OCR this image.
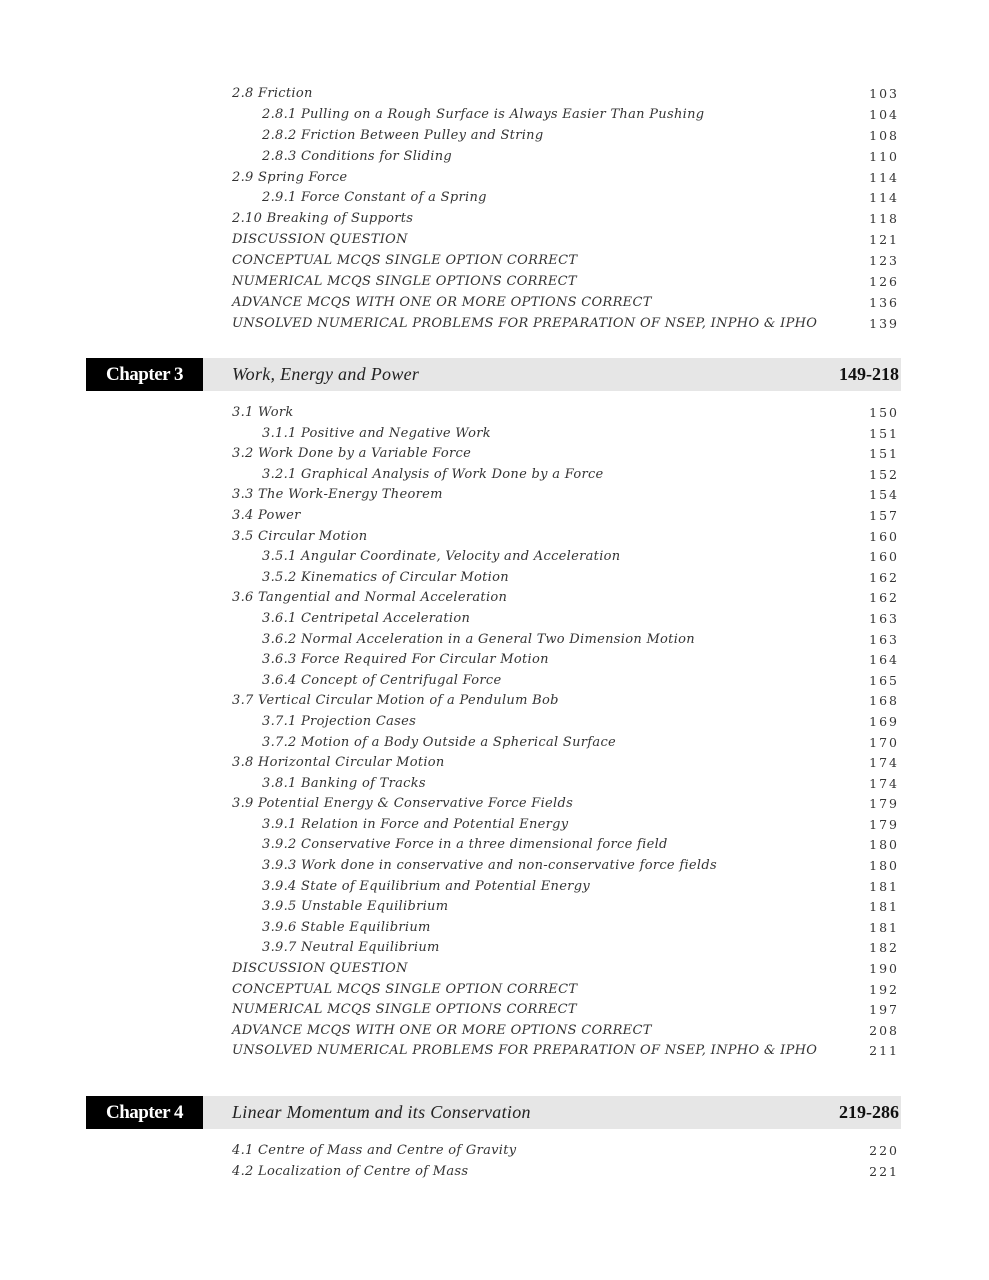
2.8 Friction	103
2.8.1 Pulling on a Rough Surface is Always Easier Than Pushing	104
2.8.2 Friction Between Pulley and String	108
2.8.3 Conditions for Sliding	110
2.9 Spring Force	114
2.9.1 Force Constant of a Spring	114
2.10 Breaking of Supports	118
DISCUSSION QUESTION	121
CONCEPTUAL MCQS SINGLE OPTION CORRECT	123
NUMERICAL MCQS SINGLE OPTIONS CORRECT	126
ADVANCE MCQS WITH ONE OR MORE OPTIONS CORRECT	136
UNSOLVED NUMERICAL PROBLEMS FOR PREPARATION OF NSEP, INPHO & IPHO	139
Chapter 3	Work, Energy and Power	149-218
3.1 Work	150
3.1.1 Positive and Negative Work	151
3.2 Work Done by a Variable Force	151
3.2.1 Graphical Analysis of Work Done by a Force	152
3.3 The Work-Energy Theorem	154
3.4 Power	157
3.5 Circular Motion	160
3.5.1 Angular Coordinate, Velocity and Acceleration	160
3.5.2 Kinematics of Circular Motion	162
3.6 Tangential and Normal Acceleration	162
3.6.1 Centripetal Acceleration	163
3.6.2 Normal Acceleration in a General Two Dimension Motion	163
3.6.3 Force Required For Circular Motion	164
3.6.4 Concept of Centrifugal Force	165
3.7 Vertical Circular Motion of a Pendulum Bob	168
3.7.1 Projection Cases	169
3.7.2 Motion of a Body Outside a Spherical Surface	170
3.8 Horizontal Circular Motion	174
3.8.1 Banking of Tracks	174
3.9 Potential Energy & Conservative Force Fields	179
3.9.1 Relation in Force and Potential Energy	179
3.9.2 Conservative Force in a three dimensional force field	180
3.9.3 Work done in conservative and non-conservative force fields	180
3.9.4 State of Equilibrium and Potential Energy	181
3.9.5 Unstable Equilibrium	181
3.9.6 Stable Equilibrium	181
3.9.7 Neutral Equilibrium	182
DISCUSSION QUESTION	190
CONCEPTUAL MCQS SINGLE OPTION CORRECT	192
NUMERICAL MCQS SINGLE OPTIONS CORRECT	197
ADVANCE MCQS WITH ONE OR MORE OPTIONS CORRECT	208
UNSOLVED NUMERICAL PROBLEMS FOR PREPARATION OF NSEP, INPHO & IPHO	211
Chapter 4	Linear Momentum and its Conservation	219-286
4.1 Centre of Mass and Centre of Gravity	220
4.2 Localization of Centre of Mass	221
